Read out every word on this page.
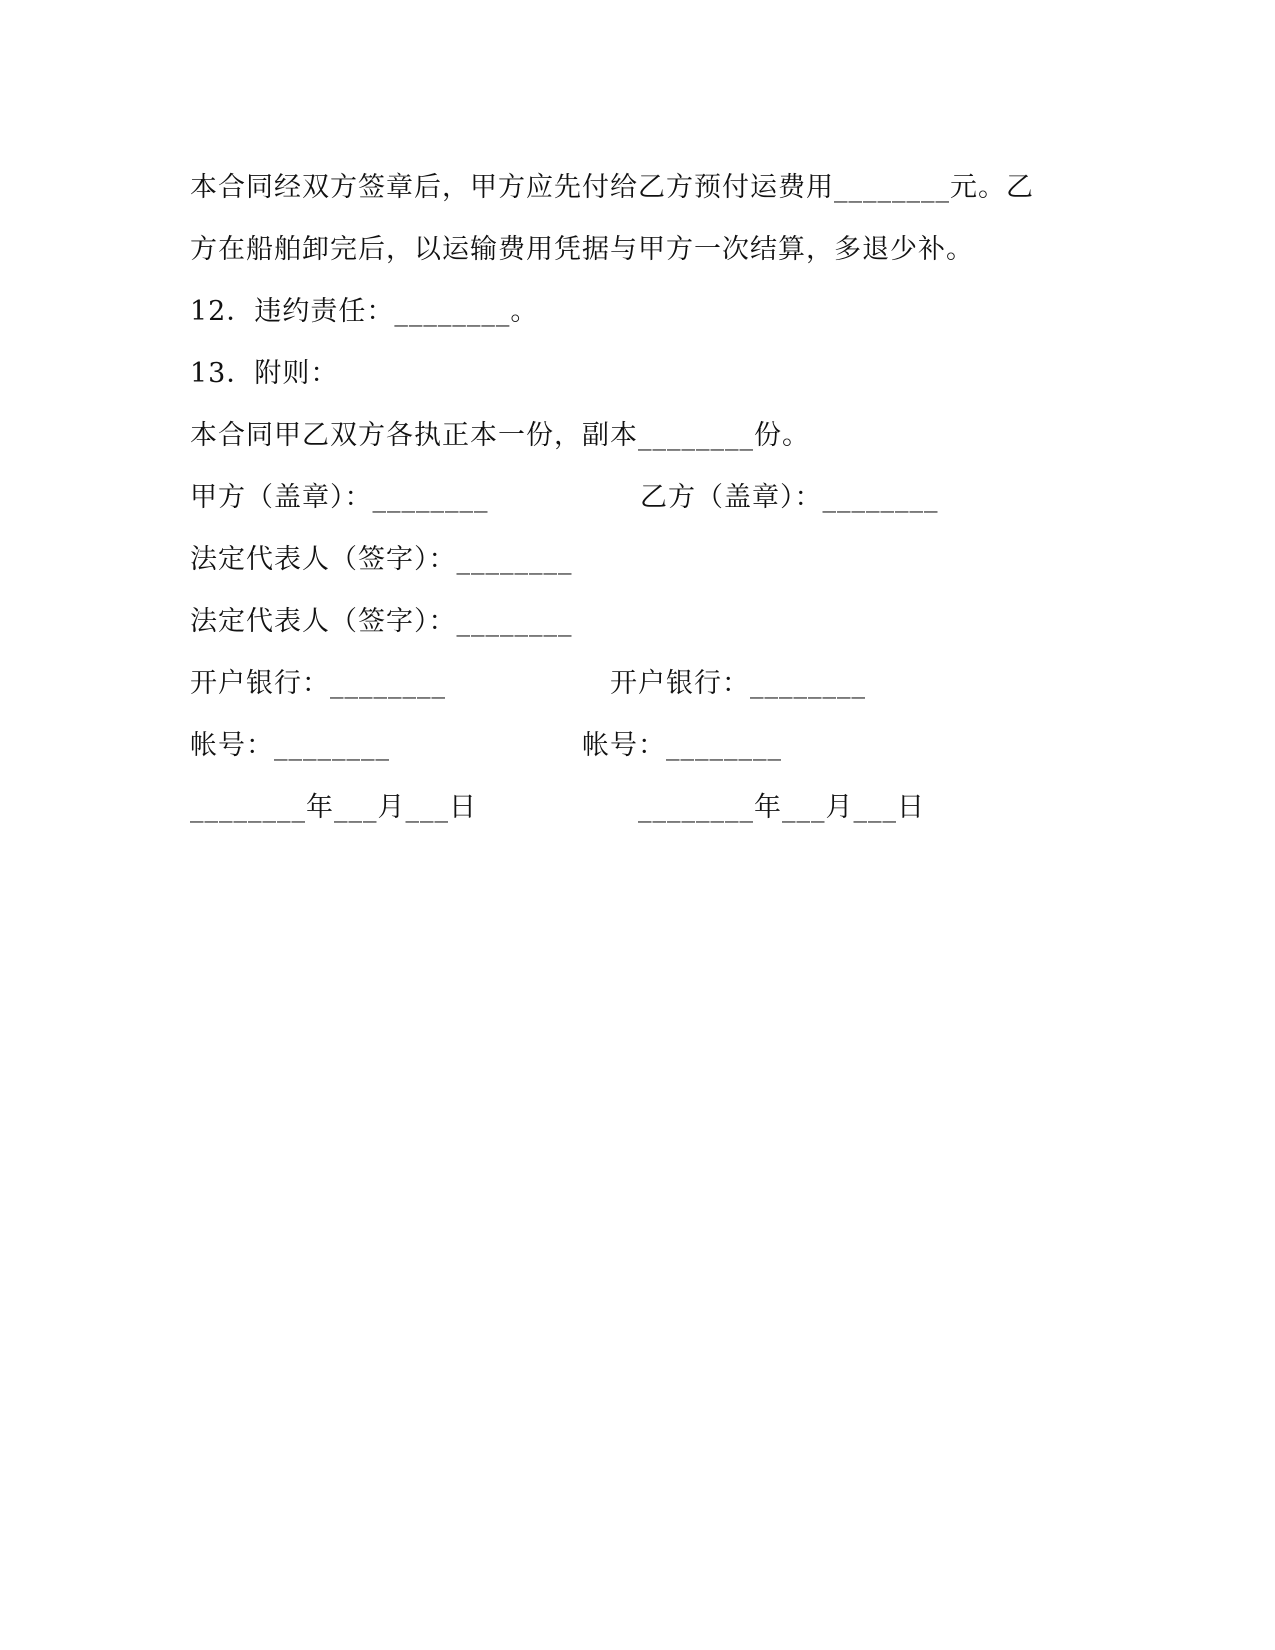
本合同经双方签章后，甲方应先付给乙方预付运费用________元。乙
方在船舶卸完后，以运输费用凭据与甲方一次结算，多退少补。
12．违约责任：________。
13．附则：
本合同甲乙双方各执正本一份，副本________份。
甲方（盖章）：________	乙方（盖章）：________
法定代表人（签字）：________
法定代表人（签字）：________
开户银行：________	开户银行：________
帐号：________	帐号：________
________年___月___日	________年___月___日
